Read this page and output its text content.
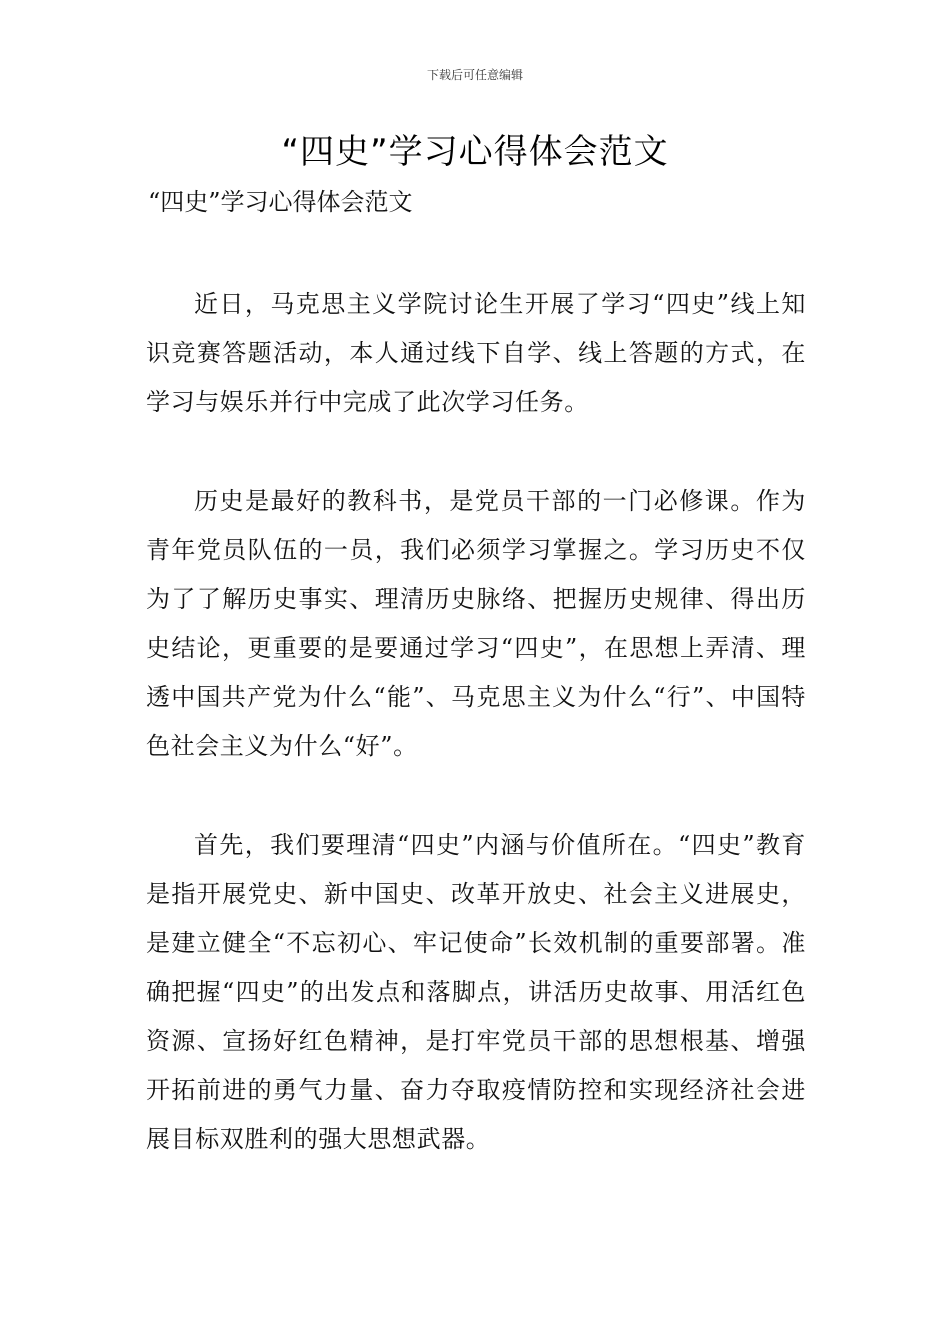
下载后可任意编辑
“四史”学习心得体会范文
“四史”学习心得体会范文

近日，马克思主义学院讨论生开展了学习“四史”线上知识竞赛答题活动，本人通过线下自学、线上答题的方式，在学习与娱乐并行中完成了此次学习任务。

历史是最好的教科书，是党员干部的一门必修课。作为青年党员队伍的一员，我们必须学习掌握之。学习历史不仅为了了解历史事实、理清历史脉络、把握历史规律、得出历史结论，更重要的是要通过学习“四史”，在思想上弄清、理透中国共产党为什么“能”、马克思主义为什么“行”、中国特色社会主义为什么“好”。

首先，我们要理清“四史”内涵与价值所在。“四史”教育是指开展党史、新中国史、改革开放史、社会主义进展史，是建立健全“不忘初心、牢记使命”长效机制的重要部署。准确把握“四史”的出发点和落脚点，讲活历史故事、用活红色资源、宣扬好红色精神，是打牢党员干部的思想根基、增强开拓前进的勇气力量、奋力夺取疫情防控和实现经济社会进展目标双胜利的强大思想武器。
